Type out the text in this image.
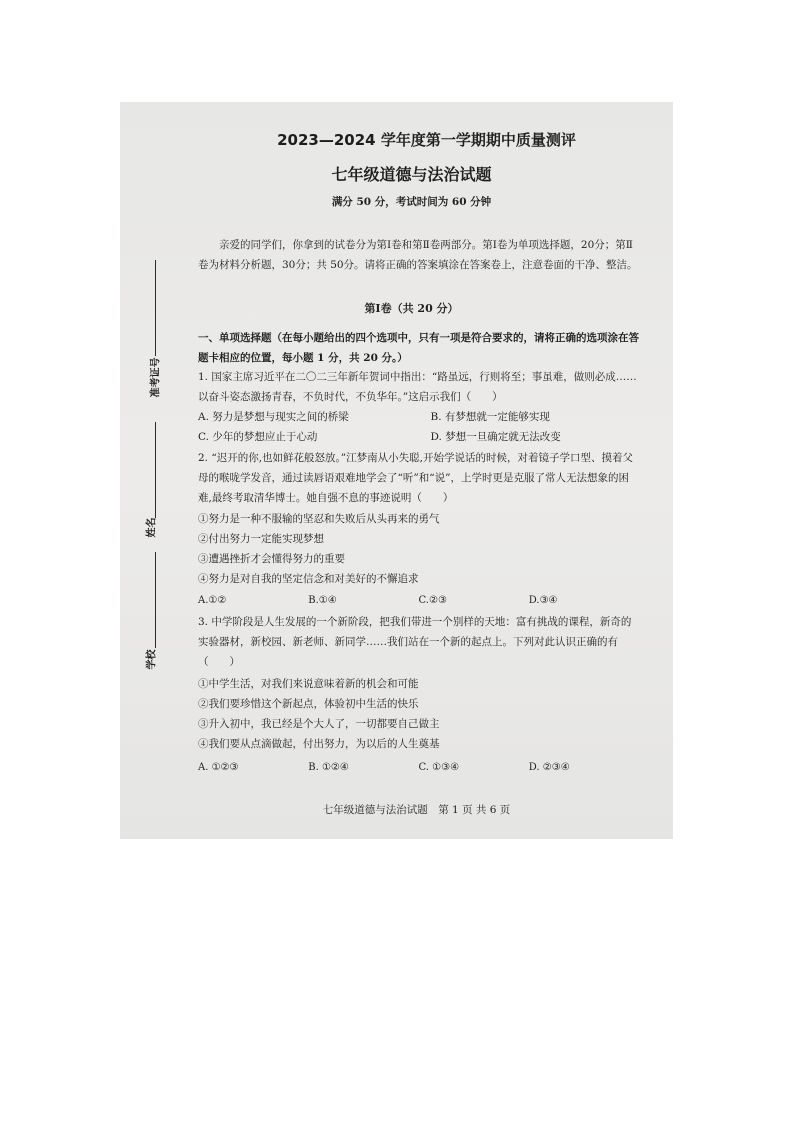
准考证号
姓名
学校
2023—2024 学年度第一学期期中质量测评
七年级道德与法治试题
满分 50 分，考试时间为 60 分钟
亲爱的同学们，你拿到的试卷分为第Ⅰ卷和第Ⅱ卷两部分。第Ⅰ卷为单项选择题，20分；第Ⅱ卷为材料分析题，30分；共 50分。请将正确的答案填涂在答案卷上，注意卷面的干净、整洁。
第Ⅰ卷（共 20 分）
一、单项选择题（在每小题给出的四个选项中，只有一项是符合要求的，请将正确的选项涂在答题卡相应的位置，每小题 1 分，共 20 分。）
1. 国家主席习近平在二〇二三年新年贺词中指出：“路虽远，行则将至；事虽难，做则必成……以奋斗姿态激扬青春，不负时代，不负华年。”这启示我们（　　）
A. 努力是梦想与现实之间的桥梁	B. 有梦想就一定能够实现
C. 少年的梦想应止于心动	D. 梦想一旦确定就无法改变
2. “迟开的你,也如鲜花般怒放。”江梦南从小失聪,开始学说话的时候，对着镜子学口型、摸着父母的喉咙学发音，通过读唇语艰难地学会了“听”和“说”，上学时更是克服了常人无法想象的困难,最终考取清华博士。她自强不息的事迹说明（　　）
①努力是一种不服输的坚忍和失败后从头再来的勇气
②付出努力一定能实现梦想
③遭遇挫折才会懂得努力的重要
④努力是对自我的坚定信念和对美好的不懈追求
A.①②	B.①④	C.②③	D.③④
3. 中学阶段是人生发展的一个新阶段，把我们带进一个别样的天地：富有挑战的课程，新奇的实验器材，新校园、新老师、新同学……我们站在一个新的起点上。下列对此认识正确的有（　　）
①中学生活，对我们来说意味着新的机会和可能
②我们要珍惜这个新起点，体验初中生活的快乐
③升入初中，我已经是个大人了，一切都要自己做主
④我们要从点滴做起，付出努力，为以后的人生奠基
A. ①②③	B. ①②④	C. ①③④	D. ②③④
七年级道德与法治试题　第 1 页 共 6 页
